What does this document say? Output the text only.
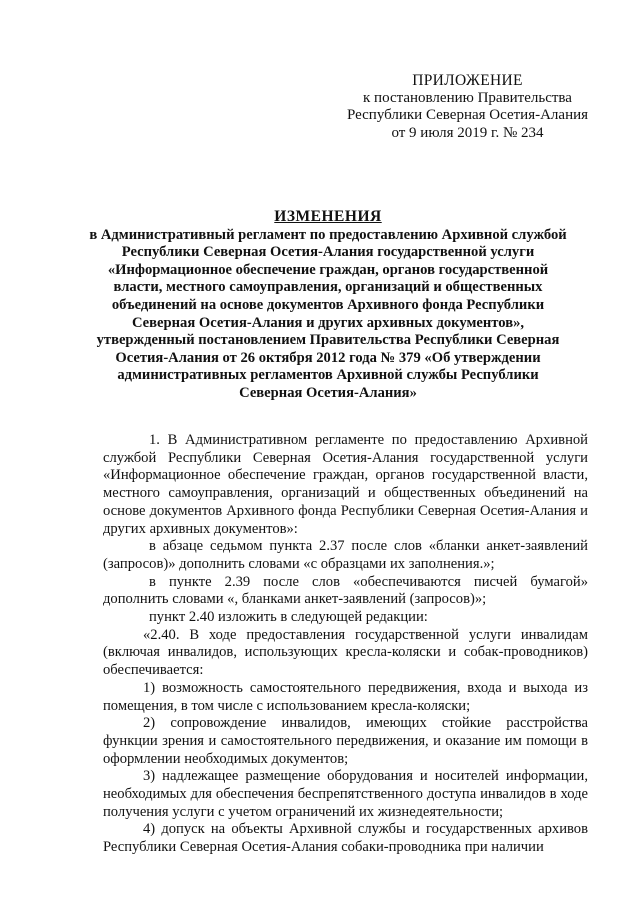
ПРИЛОЖЕНИЕ
к постановлению Правительства
Республики Северная Осетия-Алания
от 9 июля 2019 г. № 234
ИЗМЕНЕНИЯ
в Административный регламент по предоставлению Архивной службой Республики Северная Осетия-Алания государственной услуги «Информационное обеспечение граждан, органов государственной власти, местного самоуправления, организаций и общественных объединений на основе документов Архивного фонда Республики Северная Осетия-Алания и других архивных документов», утвержденный постановлением Правительства Республики Северная Осетия-Алания от 26 октября 2012 года № 379 «Об утверждении административных регламентов Архивной службы Республики Северная Осетия-Алания»

1. В Административном регламенте по предоставлению Архивной службой Республики Северная Осетия-Алания государственной услуги «Информационное обеспечение граждан, органов государственной власти, местного самоуправления, организаций и общественных объединений на основе документов Архивного фонда Республики Северная Осетия-Алания и других архивных документов»:

в абзаце седьмом пункта 2.37 после слов «бланки анкет-заявлений (запросов)» дополнить словами «с образцами их заполнения.»;

в пункте 2.39 после слов «обеспечиваются писчей бумагой» дополнить словами «, бланками анкет-заявлений (запросов)»;

пункт 2.40 изложить в следующей редакции:

«2.40. В ходе предоставления государственной услуги инвалидам (включая инвалидов, использующих кресла-коляски и собак-проводников) обеспечивается:

1) возможность самостоятельного передвижения, входа и выхода из помещения, в том числе с использованием кресла-коляски;

2) сопровождение инвалидов, имеющих стойкие расстройства функции зрения и самостоятельного передвижения, и оказание им помощи в оформлении необходимых документов;

3) надлежащее размещение оборудования и носителей информации, необходимых для обеспечения беспрепятственного доступа инвалидов в ходе получения услуги с учетом ограничений их жизнедеятельности;

4) допуск на объекты Архивной службы и государственных архивов Республики Северная Осетия-Алания собаки-проводника при наличии
